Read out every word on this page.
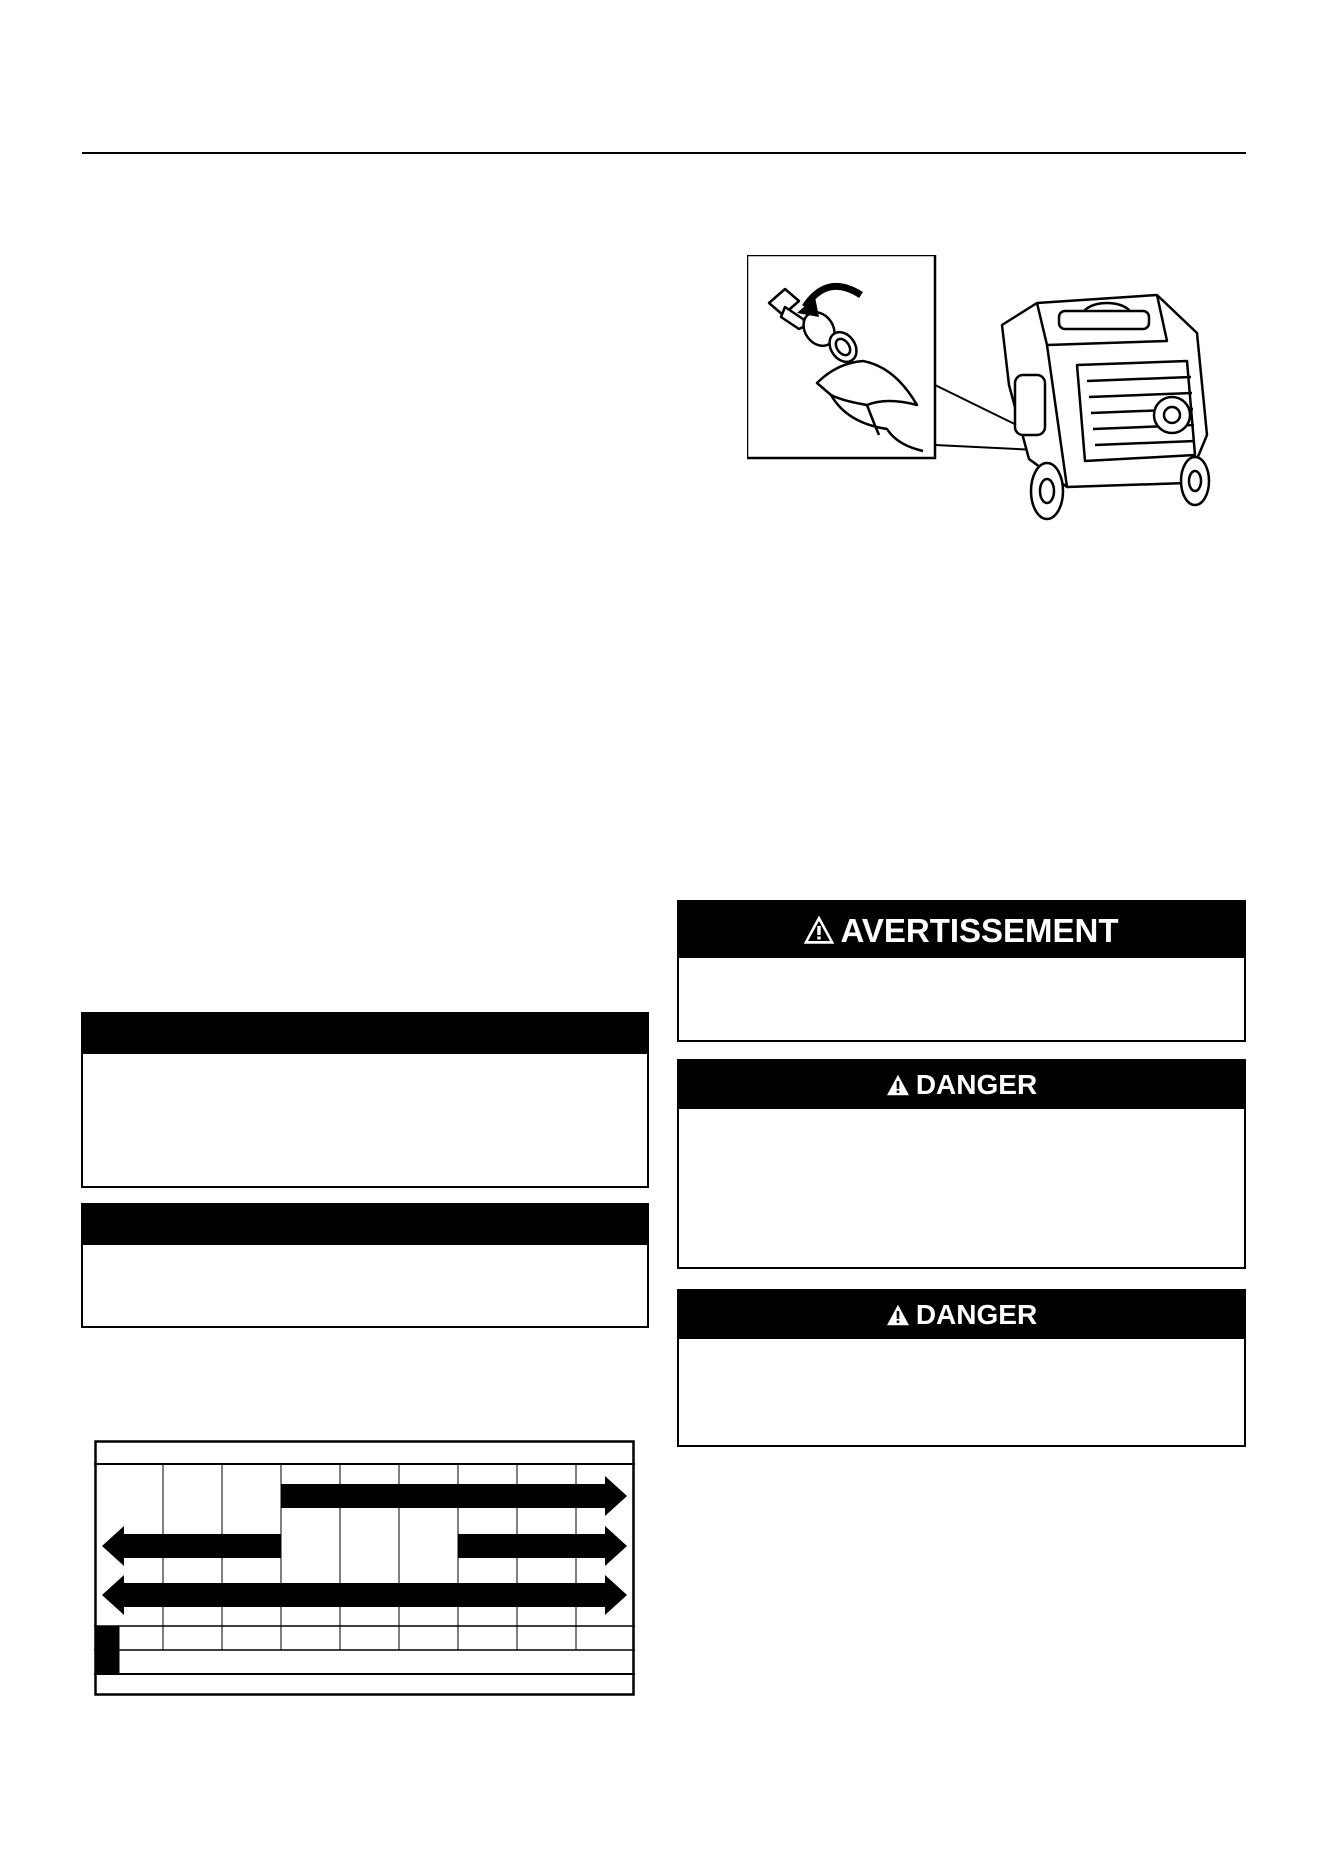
AVERTISSEMENT
DANGER
DANGER
